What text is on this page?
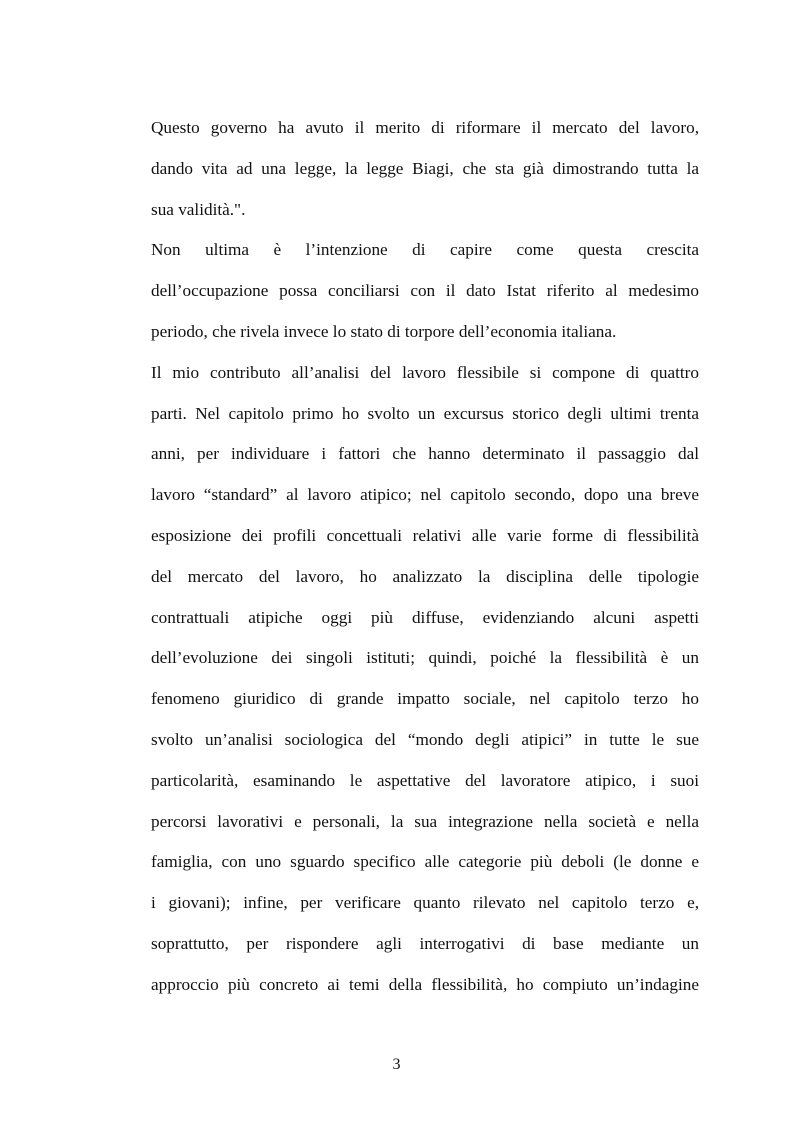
Questo governo ha avuto il merito di riformare il mercato del lavoro,
dando vita ad una legge, la legge Biagi, che sta già dimostrando tutta la
sua validità.".
Non ultima è l’intenzione di capire come questa crescita
dell’occupazione possa conciliarsi con il dato Istat riferito al medesimo
periodo, che rivela invece lo stato di torpore dell’economia italiana.
Il mio contributo all’analisi del lavoro flessibile si compone di quattro
parti. Nel capitolo primo ho svolto un excursus storico degli ultimi trenta
anni, per individuare i fattori che hanno determinato il passaggio dal
lavoro “standard” al lavoro atipico; nel capitolo secondo, dopo una breve
esposizione dei profili concettuali relativi alle varie forme di flessibilità
del mercato del lavoro, ho analizzato la disciplina delle tipologie
contrattuali atipiche oggi più diffuse, evidenziando alcuni aspetti
dell’evoluzione dei singoli istituti; quindi, poiché la flessibilità è un
fenomeno giuridico di grande impatto sociale, nel capitolo terzo ho
svolto un’analisi sociologica del “mondo degli atipici” in tutte le sue
particolarità, esaminando le aspettative del lavoratore atipico, i suoi
percorsi lavorativi e personali, la sua integrazione nella società e nella
famiglia, con uno sguardo specifico alle categorie più deboli (le donne e
i giovani); infine, per verificare quanto rilevato nel capitolo terzo e,
soprattutto, per rispondere agli interrogativi di base mediante un
approccio più concreto ai temi della flessibilità, ho compiuto un’indagine
3
